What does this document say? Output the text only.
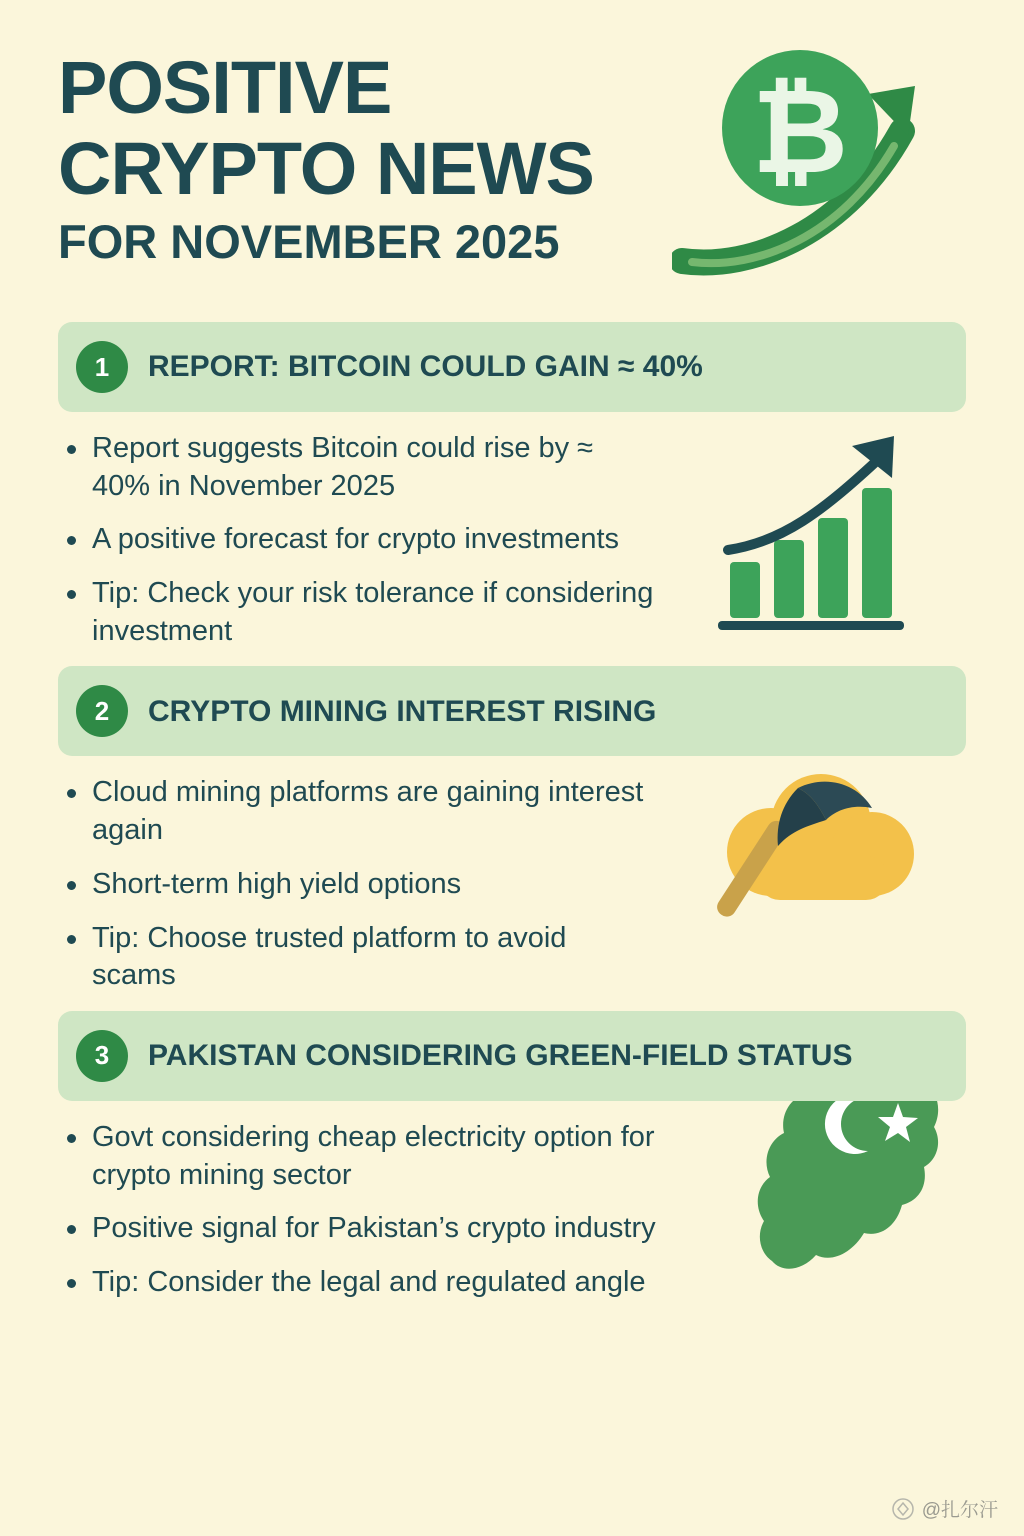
₿
POSITIVE
CRYPTO NEWS
FOR NOVEMBER 2025
1	REPORT: BITCOIN COULD GAIN ≈ 40%
Report suggests Bitcoin could rise by ≈ 40% in November 2025
A positive forecast for crypto investments
Tip: Check your risk tolerance if considering investment
2	CRYPTO MINING INTEREST RISING
Cloud mining platforms are gaining interest again
Short-term high yield options
Tip: Choose trusted platform to avoid scams
3	PAKISTAN CONSIDERING GREEN-FIELD STATUS
Govt considering cheap electricity option for crypto mining sector
Positive signal for Pakistan’s crypto industry
Tip: Consider the legal and regulated angle
@扎尔汗
